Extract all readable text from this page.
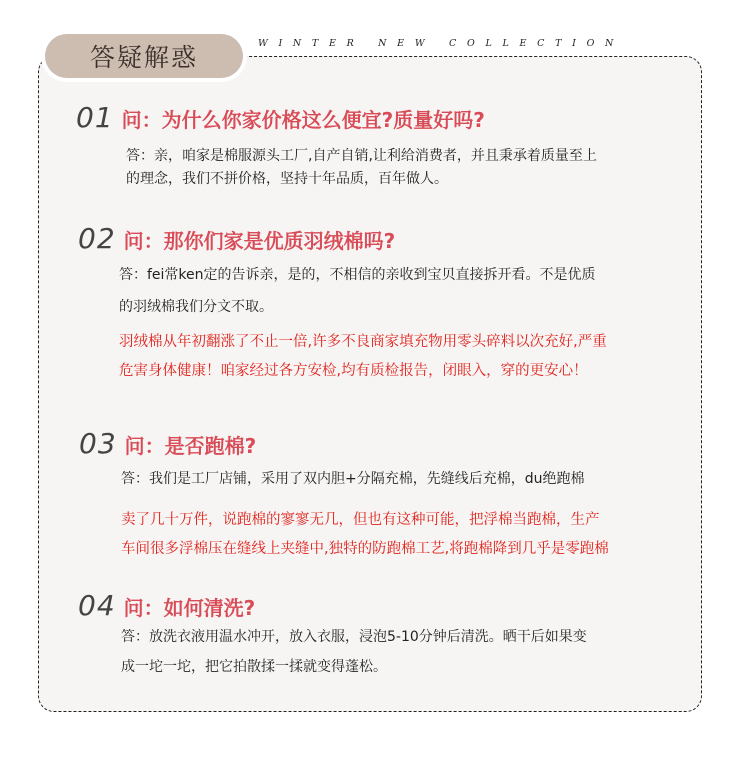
答疑解惑	WINTER NEW COLLECTION
01 问：为什么你家价格这么便宜?质量好吗?
答：亲，咱家是棉服源头工厂,自产自销,让利给消费者，并且秉承着质量至上
的理念，我们不拼价格，坚持十年品质，百年做人。
02 问：那你们家是优质羽绒棉吗?
答：fei常ken定的告诉亲，是的，不相信的亲收到宝贝直接拆开看。不是优质
的羽绒棉我们分文不取。
羽绒棉从年初翻涨了不止一倍,许多不良商家填充物用零头碎料以次充好,严重
危害身体健康！咱家经过各方安检,均有质检报告，闭眼入，穿的更安心！
03 问：是否跑棉?
答：我们是工厂店铺，采用了双内胆+分隔充棉，先缝线后充棉，du绝跑棉
卖了几十万件，说跑棉的寥寥无几，但也有这种可能，把浮棉当跑棉，生产
车间很多浮棉压在缝线上夹缝中,独特的防跑棉工艺,将跑棉降到几乎是零跑棉
04 问：如何清洗?
答：放洗衣液用温水冲开，放入衣服，浸泡5-10分钟后清洗。晒干后如果变
成一坨一坨，把它拍散揉一揉就变得蓬松。
